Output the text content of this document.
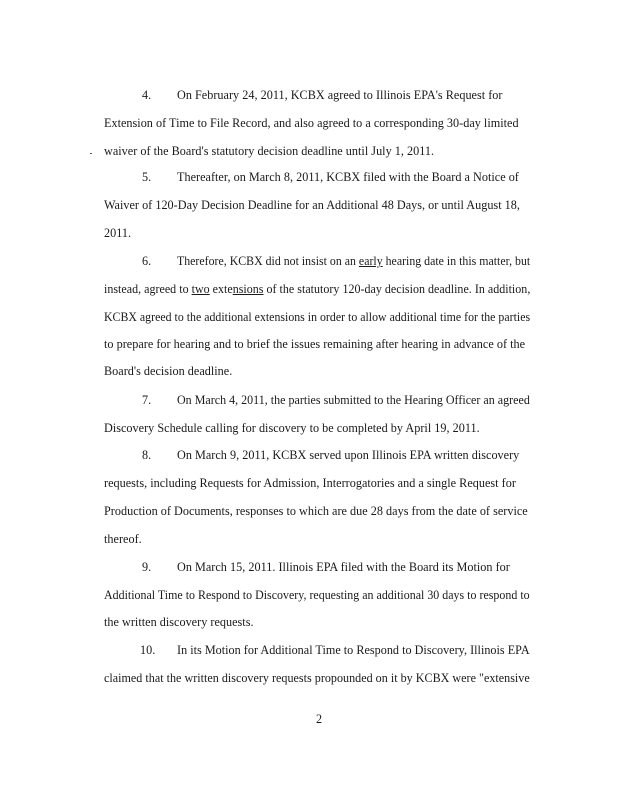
4. On February 24, 2011, KCBX agreed to Illinois EPA's Request for
Extension of Time to File Record, and also agreed to a corresponding 30-day limited
waiver of the Board's statutory decision deadline until July 1, 2011.
5. Thereafter, on March 8, 2011, KCBX filed with the Board a Notice of
Waiver of 120-Day Decision Deadline for an Additional 48 Days, or until August 18,
2011.
6. Therefore, KCBX did not insist on an early hearing date in this matter, but
instead, agreed to two extensions of the statutory 120-day decision deadline. In addition,
KCBX agreed to the additional extensions in order to allow additional time for the parties
to prepare for hearing and to brief the issues remaining after hearing in advance of the
Board's decision deadline.
7. On March 4, 2011, the parties submitted to the Hearing Officer an agreed
Discovery Schedule calling for discovery to be completed by April 19, 2011.
8. On March 9, 2011, KCBX served upon Illinois EPA written discovery
requests, including Requests for Admission, Interrogatories and a single Request for
Production of Documents, responses to which are due 28 days from the date of service
thereof.
9. On March 15, 2011. Illinois EPA filed with the Board its Motion for
Additional Time to Respond to Discovery, requesting an additional 30 days to respond to
the written discovery requests.
10. In its Motion for Additional Time to Respond to Discovery, Illinois EPA
claimed that the written discovery requests propounded on it by KCBX were "extensive
2
